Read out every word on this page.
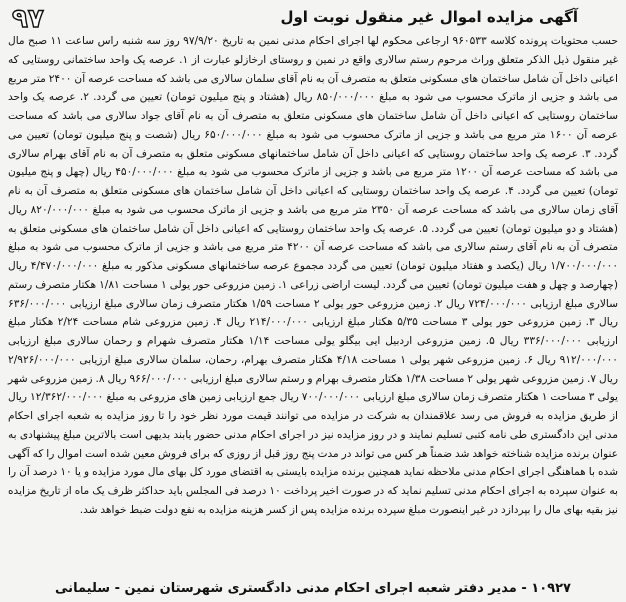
۹۷	آگهی مزایده اموال غیر منقول نوبت اول
حسب محتویات پرونده کلاسه ۹۶۰۵۳۳ ارجاعی محکوم لها اجرای احکام مدنی نمین به تاریخ ۹۷/۹/۲۰ روز سه شنبه راس ساعت ۱۱ صبح مال غیر منقول ذیل الذکر متعلق وراث مرحوم رستم سالاری واقع در نمین و روستای ارخازلو عبارت از ۱. عرصه یک واحد ساختمانی روستایی که اعیانی داخل آن شامل ساختمان های مسکونی متعلق به متصرف آن به نام آقای سلمان سالاری می باشد که مساحت عرصه آن ۲۴۰۰ متر مربع می باشد و جزیی از ماترک محسوب می شود به مبلغ ۸۵۰/۰۰۰/۰۰۰ ریال (هشتاد و پنج میلیون تومان) تعیین می گردد. ۲. عرصه یک واحد ساختمان روستایی که اعیانی داخل آن شامل ساختمان های مسکونی متعلق به متصرف آن به نام آقای جواد سالاری می باشد که مساحت عرصه آن ۱۶۰۰ متر مربع می باشد و جزیی از ماترک محسوب می شود به مبلغ ۶۵۰/۰۰۰/۰۰۰ ریال (شصت و پنج میلیون تومان) تعیین می گردد. ۳. عرصه یک واحد ساختمان روستایی که اعیانی داخل آن شامل ساختمانهای مسکونی متعلق به متصرف آن به نام آقای بهرام سالاری می باشد که مساحت عرصه آن ۱۲۰۰ متر مربع می باشد و جزیی از ماترک محسوب می شود به مبلغ ۴۵۰/۰۰۰/۰۰۰ ریال (چهل و پنج میلیون تومان) تعیین می گردد. ۴. عرصه یک واحد ساختمان روستایی که اعیانی داخل آن شامل ساختمان های مسکونی متعلق به متصرف آن به نام آقای زمان سالاری می باشد که مساحت عرصه آن ۲۳۵۰ متر مربع می باشد و جزیی از ماترک محسوب می شود به مبلغ ۸۲۰/۰۰۰/۰۰۰ ریال (هشتاد و دو میلیون تومان) تعیین می گردد. ۵. عرصه یک واحد ساختمان روستایی که اعیانی داخل آن شامل ساختمان های مسکونی متعلق به متصرف آن به نام آقای رستم سالاری می باشد که مساحت عرصه آن ۴۲۰۰ متر مربع می باشد و جزیی از ماترک محسوب می شود به مبلغ ۱/۷۰۰/۰۰۰/۰۰۰ ریال (یکصد و هفتاد میلیون تومان) تعیین می گردد مجموع عرصه ساختمانهای مسکونی مذکور به مبلغ ۴/۴۷۰/۰۰۰/۰۰۰ ریال (چهارصد و چهل و هفت میلیون تومان) تعیین می گردد. لیست اراضی زراعی ۱. زمین مزروعی حور یولی ۱ مساحت ۱/۸۱ هکتار متصرف رستم سالاری مبلغ ارزیابی ۷۲۴/۰۰۰/۰۰۰ ریال ۲. زمین مزروعی حور یولی ۲ مساحت ۱/۵۹ هکتار متصرف زمان سالاری مبلغ ارزیابی ۶۳۶/۰۰۰/۰۰۰ ریال ۳. زمین مزروعی حور یولی ۳ مساحت ۵/۳۵ هکتار مبلغ ارزیابی ۲۱۴/۰۰۰/۰۰۰ ریال ۴. زمین مزروعی شام مساحت ۲/۲۴ هکتار مبلغ ارزیابی ۳۳۶/۰۰۰/۰۰۰ ریال ۵. زمین مزروعی اردبیل ایی بیگلو یولی مساحت ۱/۱۴ هکتار متصرف شهرام و رحمان سالاری مبلغ ارزیابی ۹۱۲/۰۰۰/۰۰۰ ریال ۶. زمین مزروعی شهر یولی ۱ مساحت ۴/۱۸ هکتار متصرف بهرام، رحمان، سلمان سالاری مبلغ ارزیابی ۲/۹۲۶/۰۰۰/۰۰۰ ریال ۷. زمین مزروعی شهر یولی ۲ مساحت ۱/۳۸ هکتار متصرف بهرام و رستم سالاری مبلغ ارزیابی ۹۶۶/۰۰۰/۰۰۰ ریال ۸. زمین مزروعی شهر یولی ۳ مساحت ۱ هکتار متصرف زمان سالاری مبلغ ارزیابی ۷۰۰/۰۰۰/۰۰۰ ریال جمع ارزیابی زمین های مزروعی به مبلغ ۱۲/۳۶۲/۰۰۰/۰۰۰ ریال از طریق مزایده به فروش می رسد علاقمندان به شرکت در مزایده می توانند قیمت مورد نظر خود را تا روز مزایده به شعبه اجرای احکام مدنی این دادگستری طی نامه کتبی تسلیم نمایند و در روز مزایده نیز در اجرای احکام مدنی حضور یابند بدیهی است بالاترین مبلغ پیشنهادی به عنوان برنده مزایده شناخته خواهد شد ضمناً هر کس می تواند در مدت پنج روز قبل از روزی که برای فروش معین شده است اموال را که آگهی شده با هماهنگی اجرای احکام مدنی ملاحظه نماید همچنین برنده مزایده بایستی به اقتضای مورد کل بهای مال مورد مزایده و یا ۱۰ درصد آن را به عنوان سپرده به اجرای احکام مدنی تسلیم نماید که در صورت اخیر پرداخت ۱۰ درصد فی المجلس باید حداکثر ظرف یک ماه از تاریخ مزایده نیز بقیه بهای مال را بپردازد در غیر اینصورت مبلغ سپرده برنده مزایده پس از کسر هزینه مزایده به نفع دولت ضبط خواهد شد.
۱۰۹۲۷ - مدیر دفتر شعبه اجرای احکام مدنی دادگستری شهرستان نمین - سلیمانی
